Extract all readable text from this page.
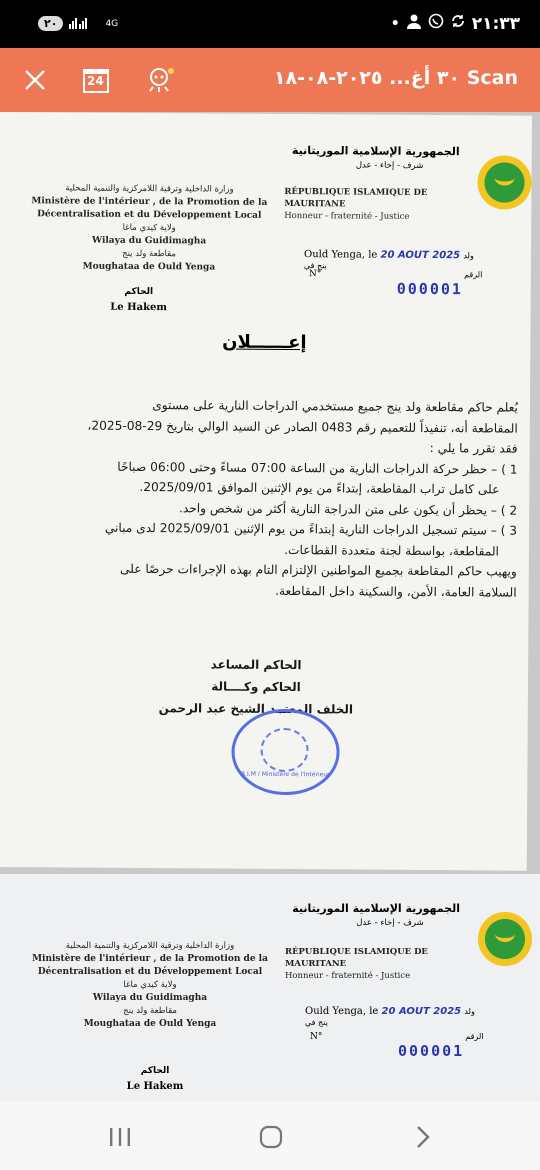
٢٠	4G	•	٢١:٣٣
24	٣٠ أغ... ٢٠٢٥-٠٨-١٨ Scan
الجمهورية الإسلامية الموريتانية
شرف - إخاء - عدل
وزارة الداخلية وترقية اللامركزية والتنمية المحلية
Ministère de l'intérieur , de la Promotion de la
Décentralisation et du Développement Local
ولاية كيدي ماغا
Wilaya du Guidimagha
مقاطعة ولد ينج
Moughataa de Ould Yenga
RÉPUBLIQUE ISLAMIQUE DE
MAURITANE
Honneur - fraternité - Justice
Ould Yenga, le 20 AOUT 2025 ولد ينج في
N°	الرقم
000001
الحاكم
Le Hakem
إعــــــلان

يُعلم حاكم مقاطعة ولد ينج جميع مستخدمي الدراجات النارية على مستوى

المقاطعة أنه، تنفيذاً للتعميم رقم 0483 الصادر عن السيد الوالي بتاريخ 29-08-2025،

فقد تقرر ما يلي :

1 ) – حظر حركة الدراجات النارية من الساعة 07:00 مساءً وحتى 06:00 صباحًا

على كامل تراب المقاطعة، إبتداءً من يوم الإثنين الموافق 2025/09/01.

2 ) – يحظر أن يكون على متن الدراجة النارية أكثر من شخص واحد.

3 ) – سيتم تسجيل الدراجات النارية إبتداءً من يوم الإثنين 2025/09/01 لدى مباني

المقاطعة، بواسطة لجنة متعددة القطاعات.

ويهيب حاكم المقاطعة بجميع المواطنين الإلتزام التام بهذه الإجراءات حرصًا على

السلامة العامة، الأمن، والسكينة داخل المقاطعة.

الحاكم المساعد
الحاكم وكــــالة
الخلف المعتمد الشيخ عبد الرحمن
R.I.M / Ministère de l'Intérieur
الجمهورية الإسلامية الموريتانية
شرف - إخاء - عدل
وزارة الداخلية وترقية اللامركزية والتنمية المحلية
Ministère de l'intérieur , de la Promotion de la
Décentralisation et du Développement Local
ولاية كيدي ماغا
Wilaya du Guidimagha
مقاطعة ولد ينج
Moughataa de Ould Yenga
RÉPUBLIQUE ISLAMIQUE DE
MAURITANE
Honneur - fraternité - Justice
Ould Yenga, le 20 AOUT 2025 ولد ينج في
N°	الرقم
000001
الحاكم
Le Hakem
